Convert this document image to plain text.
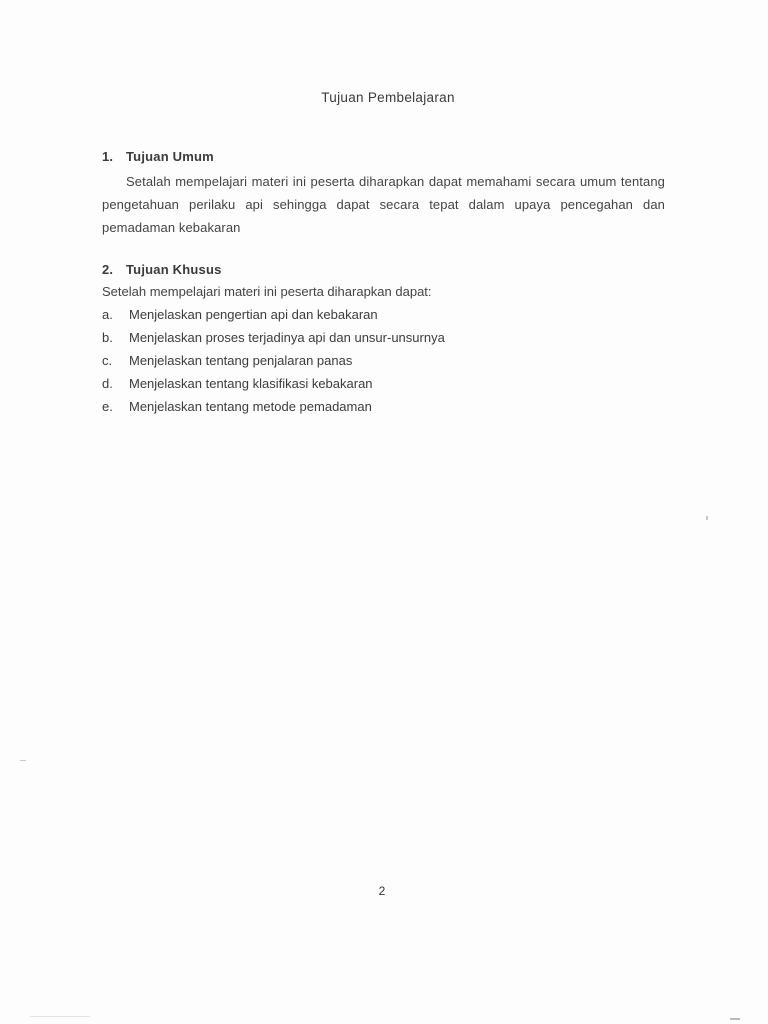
Tujuan Pembelajaran
1. Tujuan Umum
Setalah mempelajari materi ini peserta diharapkan dapat memahami secara umum tentang pengetahuan perilaku api sehingga dapat secara tepat dalam upaya pencegahan dan pemadaman kebakaran
2. Tujuan Khusus
Setelah mempelajari materi ini peserta diharapkan dapat:
a. Menjelaskan pengertian api dan kebakaran
b. Menjelaskan proses terjadinya api dan unsur-unsurnya
c. Menjelaskan tentang penjalaran panas
d. Menjelaskan tentang klasifikasi kebakaran
e. Menjelaskan tentang metode pemadaman
2
